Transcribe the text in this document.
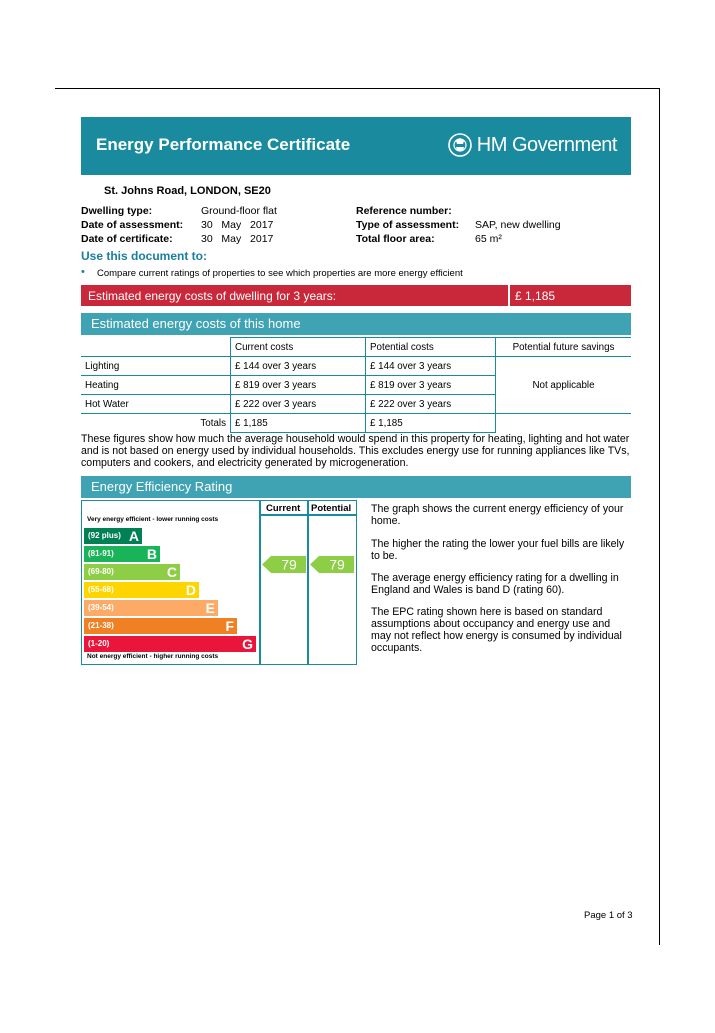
Energy Performance Certificate	HM Government
St. Johns Road, LONDON, SE20
Dwelling type:	Ground-floor flat
Date of assessment: 30   May   2017
Date of certificate:	30   May   2017
Reference number:
Type of assessment: SAP, new dwelling
Total floor area:	65 m²
Use this document to:
• Compare current ratings of properties to see which properties are more energy efficient
Estimated energy costs of dwelling for 3 years:	£ 1,185
Estimated energy costs of this home
	Current costs	Potential costs	Potential future savings
Lighting	£ 144 over 3 years	£ 144 over 3 years	Not applicable
Heating	£ 819 over 3 years	£ 819 over 3 years	
Hot Water	£ 222 over 3 years	£ 222 over 3 years	
Totals	£ 1,185	£ 1,185	
These figures show how much the average household would spend in this property for heating, lighting and hot water and is not based on energy used by individual households. This excludes energy use for running appliances like TVs, computers and cookers, and electricity generated by microgeneration.
Energy Efficiency Rating
Current Potential
Very energy efficient - lower running costs
Not energy efficient - higher running costs
(92 plus) A
(81-91) B
(69-80)	C
(55-68)	D
(39-54)	E
(21-38)	F
(1-20)	G
79 79
The graph shows the current energy efficiency of your home.
The higher the rating the lower your fuel bills are likely to be.
The average energy efficiency rating for a dwelling in England and Wales is band D (rating 60).
The EPC rating shown here is based on standard assumptions about occupancy and energy use and may not reflect how energy is consumed by individual occupants.
Page 1 of 3
